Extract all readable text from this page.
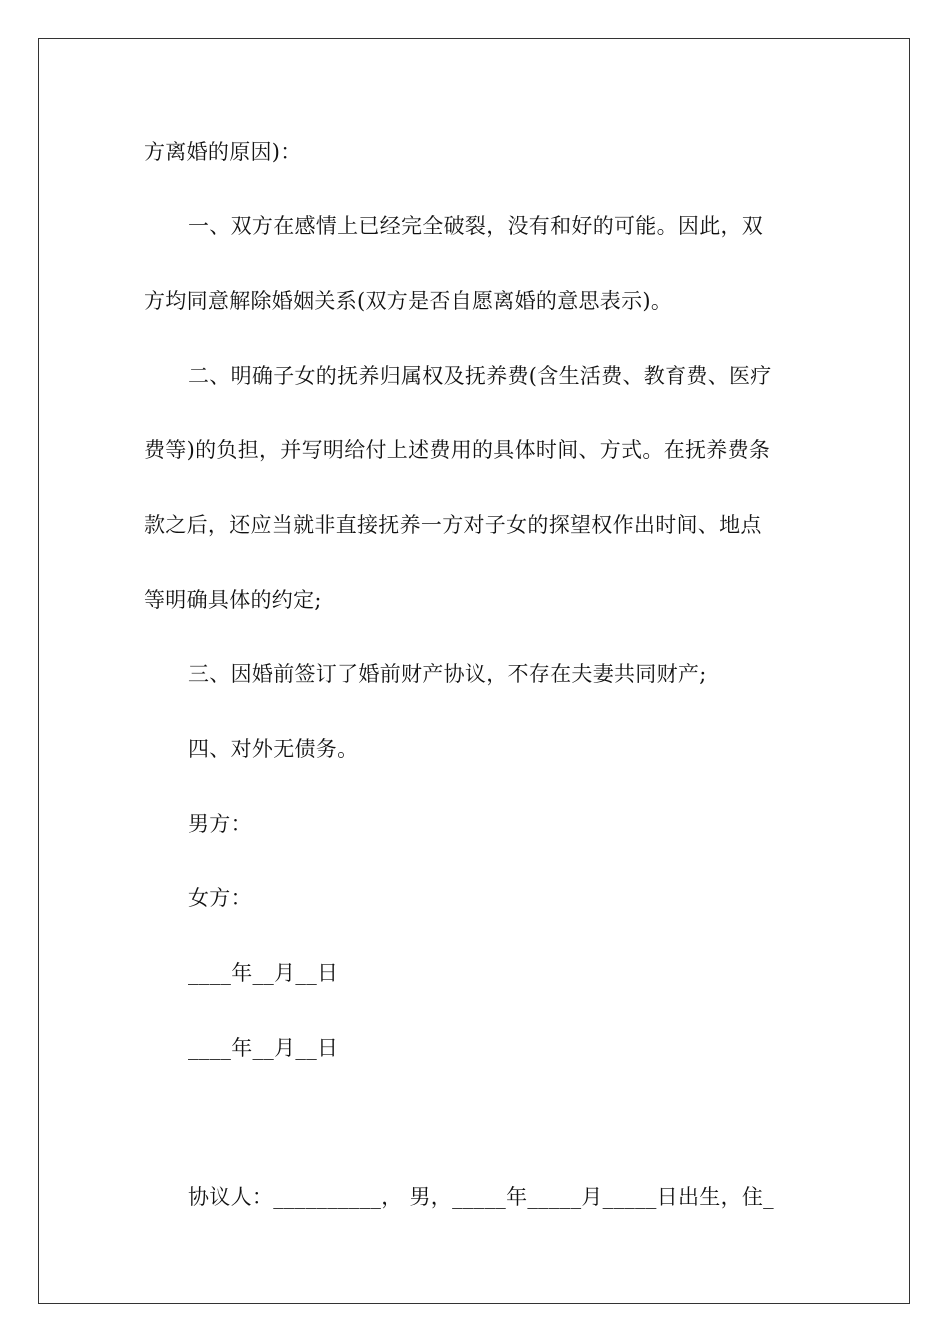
方离婚的原因)：
一、双方在感情上已经完全破裂，没有和好的可能。因此，双
方均同意解除婚姻关系(双方是否自愿离婚的意思表示)。
二、明确子女的抚养归属权及抚养费(含生活费、教育费、医疗
费等)的负担，并写明给付上述费用的具体时间、方式。在抚养费条
款之后，还应当就非直接抚养一方对子女的探望权作出时间、地点
等明确具体的约定;
三、因婚前签订了婚前财产协议，不存在夫妻共同财产;
四、对外无债务。
男方：
女方：
____年__月__日
____年__月__日
协议人：__________， 男，_____年_____月_____日出生，住_
